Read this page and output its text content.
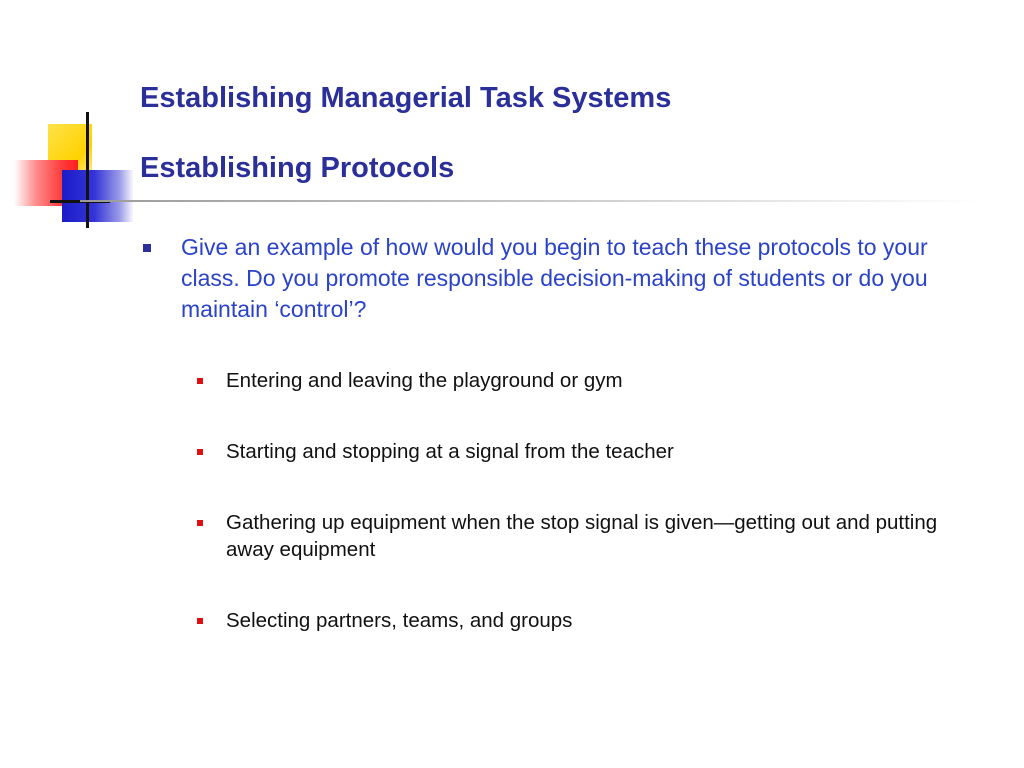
Establishing Managerial Task Systems
Establishing Protocols
Give an example of how would you begin to teach these protocols to your class. Do you promote responsible decision-making of students or do you maintain ‘control’?
Entering and leaving the playground or gym
Starting and stopping at a signal from the teacher
Gathering up equipment when the stop signal is given—getting out and putting away equipment
Selecting partners, teams, and groups
